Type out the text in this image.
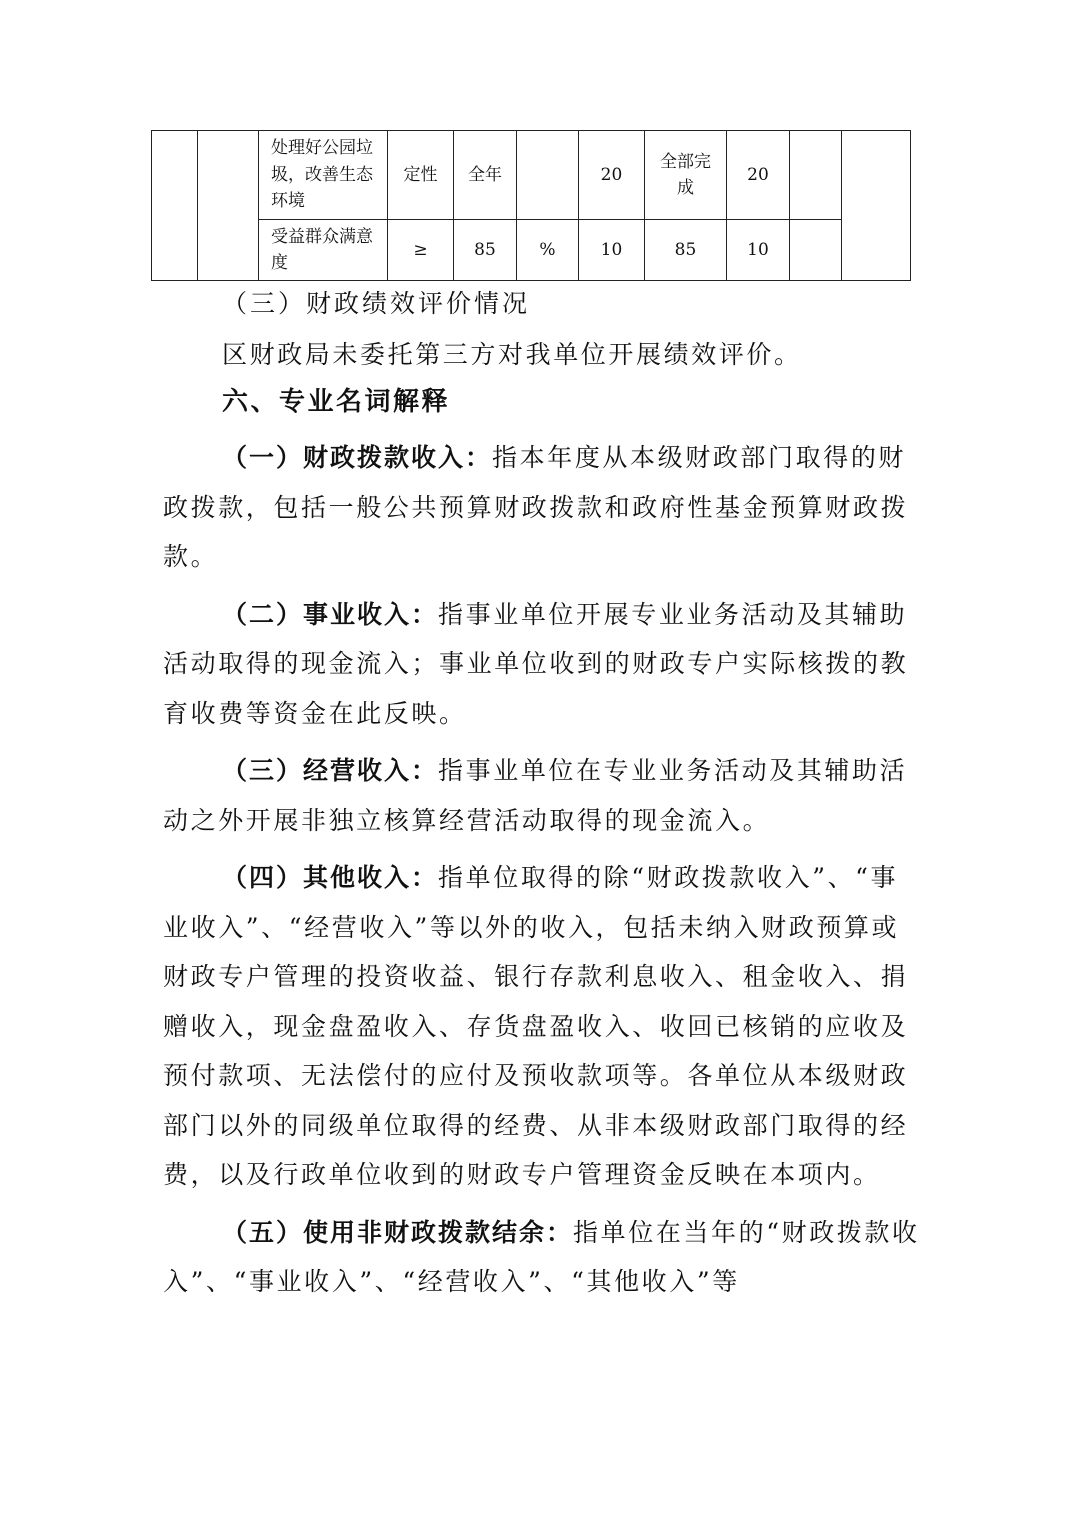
		处理好公园垃圾，改善生态环境	定性	全年		20	全部完成	20		
		受益群众满意度	≥	85	%	10	85	10		
（三）财政绩效评价情况
区财政局未委托第三方对我单位开展绩效评价。
六、专业名词解释

（一）财政拨款收入：指本年度从本级财政部门取得的财政拨款，包括一般公共预算财政拨款和政府性基金预算财政拨款。

（二）事业收入：指事业单位开展专业业务活动及其辅助活动取得的现金流入；事业单位收到的财政专户实际核拨的教育收费等资金在此反映。

（三）经营收入：指事业单位在专业业务活动及其辅助活动之外开展非独立核算经营活动取得的现金流入。

（四）其他收入：指单位取得的除“财政拨款收入”、“事业收入”、“经营收入”等以外的收入，包括未纳入财政预算或财政专户管理的投资收益、银行存款利息收入、租金收入、捐赠收入，现金盘盈收入、存货盘盈收入、收回已核销的应收及预付款项、无法偿付的应付及预收款项等。各单位从本级财政部门以外的同级单位取得的经费、从非本级财政部门取得的经费，以及行政单位收到的财政专户管理资金反映在本项内。

（五）使用非财政拨款结余：指单位在当年的“财政拨款收入”、“事业收入”、“经营收入”、“其他收入”等
